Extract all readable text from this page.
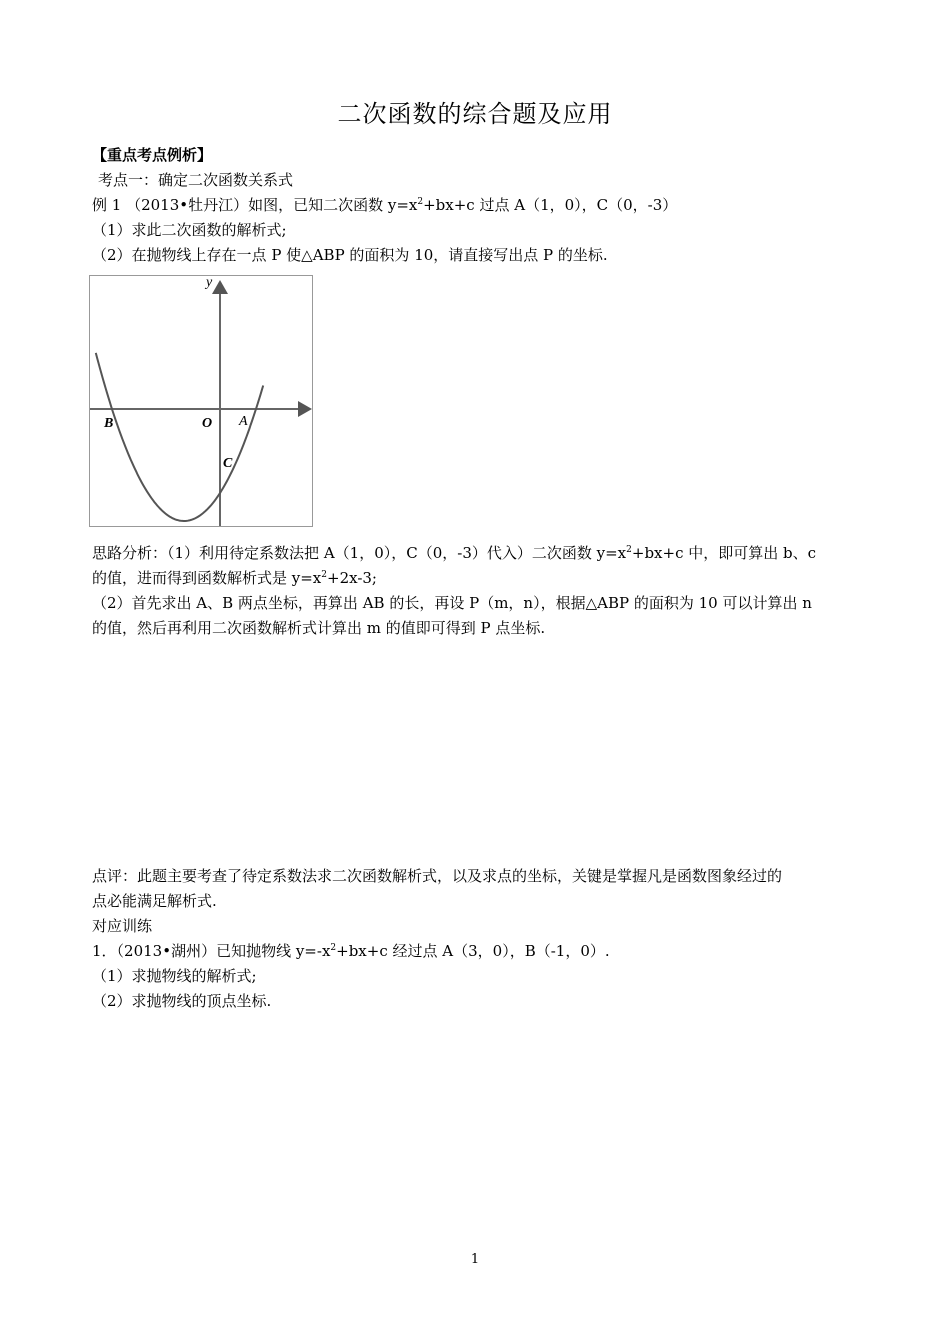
二次函数的综合题及应用
【重点考点例析】
考点一：确定二次函数关系式
例 1 （2013•牡丹江）如图，已知二次函数 $y=x^2+bx+c$ 过点 A（1，0），C（0，-3）
（1）求此二次函数的解析式;
（2）在抛物线上存在一点 P 使△ABP 的面积为 10，请直接写出点 P 的坐标.
y
B	O A
C
思路分析：（1）利用待定系数法把 A（1，0），C（0，-3）代入）二次函数 $y=x^2+bx+c$ 中，即可算出 b、c
的值，进而得到函数解析式是 $y=x^2+2x-3$;
（2）首先求出 A、B 两点坐标，再算出 AB 的长，再设 P（m，n），根据△ABP 的面积为 10 可以计算出 n
的值，然后再利用二次函数解析式计算出 m 的值即可得到 P 点坐标.
点评：此题主要考查了待定系数法求二次函数解析式，以及求点的坐标，关键是掌握凡是函数图象经过的
点必能满足解析式.
对应训练
1．（2013•湖州）已知抛物线 $y=-x^2+bx+c$ 经过点 A（3，0），B（-1，0）.
（1）求抛物线的解析式;
（2）求抛物线的顶点坐标.
1
